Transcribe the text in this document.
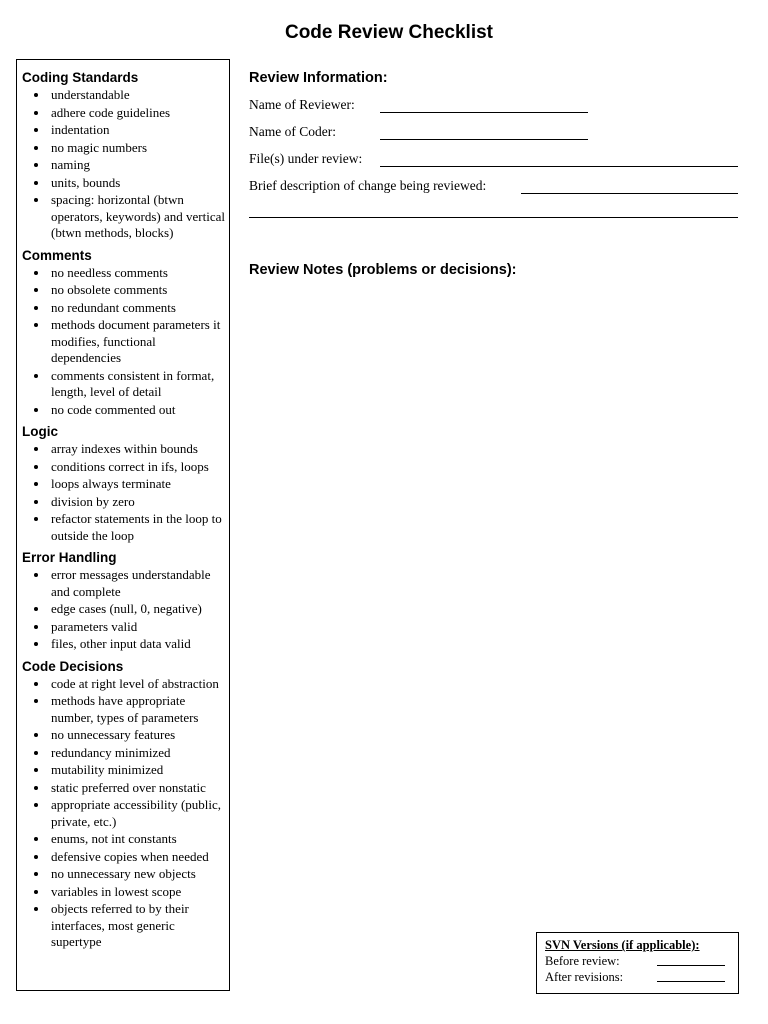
Code Review Checklist
Coding Standards
• understandable
• adhere code guidelines
• indentation
• no magic numbers
• naming
• units, bounds
• spacing: horizontal (btwn operators, keywords) and vertical (btwn methods, blocks)
Comments
• no needless comments
• no obsolete comments
• no redundant comments
• methods document parameters it modifies, functional dependencies
• comments consistent in format, length, level of detail
• no code commented out
Logic
• array indexes within bounds
• conditions correct in ifs, loops
• loops always terminate
• division by zero
• refactor statements in the loop to outside the loop
Error Handling
• error messages understandable and complete
• edge cases (null, 0, negative)
• parameters valid
• files, other input data valid
Code Decisions
• code at right level of abstraction
• methods have appropriate number, types of parameters
• no unnecessary features
• redundancy minimized
• mutability minimized
• static preferred over nonstatic
• appropriate accessibility (public, private, etc.)
• enums, not int constants
• defensive copies when needed
• no unnecessary new objects
• variables in lowest scope
• objects referred to by their interfaces, most generic supertype
Review Information:
Name of Reviewer:
Name of Coder:
File(s) under review:
Brief description of change being reviewed:
Review Notes (problems or decisions):
SVN Versions (if applicable):
Before review:
After revisions:
